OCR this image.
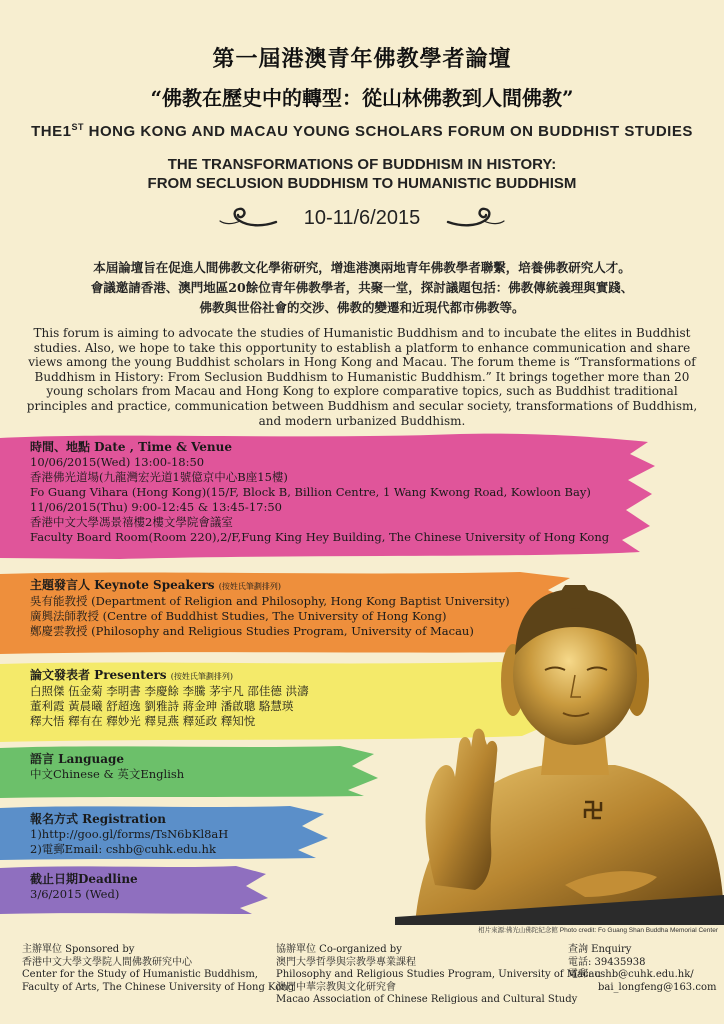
第一屆港澳青年佛教學者論壇
“佛教在歷史中的轉型：從山林佛教到人間佛教”
THE1ST HONG KONG AND MACAU YOUNG SCHOLARS FORUM ON BUDDHIST STUDIES
THE TRANSFORMATIONS OF BUDDHISM IN HISTORY:
FROM SECLUSION BUDDHISM TO HUMANISTIC BUDDHISM
10-11/6/2015
本屆論壇旨在促進人間佛教文化學術研究，增進港澳兩地青年佛教學者聯繫，培養佛教研究人才。
會議邀請香港、澳門地區20餘位青年佛教學者，共聚一堂，探討議題包括：佛教傳統義理與實踐、
佛教與世俗社會的交涉、佛教的變遷和近現代都市佛教等。
This forum is aiming to advocate the studies of Humanistic Buddhism and to incubate the elites in Buddhist studies. Also, we hope to take this opportunity to establish a platform to enhance communication and share views among the young Buddhist scholars in Hong Kong and Macau. The forum theme is “Transformations of Buddhism in History: From Seclusion Buddhism to Humanistic Buddhism.” It brings together more than 20 young scholars from Macau and Hong Kong to explore comparative topics, such as Buddhist traditional principles and practice, communication between Buddhism and secular society, transformations of Buddhism, and modern urbanized Buddhism.
時間、地點 Date , Time & Venue
10/06/2015(Wed) 13:00-18:50
香港佛光道場(九龍灣宏光道1號億京中心B座15樓)
Fo Guang Vihara (Hong Kong)(15/F, Block B, Billion Centre, 1 Wang Kwong Road, Kowloon Bay)
11/06/2015(Thu) 9:00-12:45 & 13:45-17:50
香港中文大學馮景禧樓2樓文學院會議室
Faculty Board Room(Room 220),2/F,Fung King Hey Building, The Chinese University of Hong Kong
主題發言人 Keynote Speakers (按姓氏筆劃排列)
吳有能教授 (Department of Religion and Philosophy, Hong Kong Baptist University)
廣興法師教授 (Centre of Buddhist Studies, The University of Hong Kong)
鄭慶雲教授 (Philosophy and Religious Studies Program, University of Macau)
論文發表者 Presenters (按姓氏筆劃排列)
白照傑 伍金菊 李明書 李慶餘 李騰 茅宇凡 邵佳德 洪濤
董利霞 黃晨曦 舒超逸 劉雅詩 蔣金珅 潘啟聰 駱慧瑛
釋大悟 釋有在 釋妙光 釋見燕 釋延政 釋知悅
語言 Language
中文Chinese & 英文English
報名方式 Registration
1)http://goo.gl/forms/TsN6bKl8aH
2)電郵Email: cshb@cuhk.edu.hk
截止日期Deadline
3/6/2015 (Wed)
相片來源:佛光山佛陀紀念館 Photo credit: Fo Guang Shan Buddha Memorial Center
主辦單位 Sponsored by
香港中文大學文學院人間佛教研究中心
Center for the Study of Humanistic Buddhism,
Faculty of Arts, The Chinese University of Hong Kong
協辦單位 Co-organized by
澳門大學哲學與宗教學專業課程
Philosophy and Religious Studies Program, University of Macau
澳門中華宗教與文化研究會
Macao Association of Chinese Religious and Cultural Study
查詢 Enquiry
電話: 39435938
電郵: cshb@cuhk.edu.hk/
bai_longfeng@163.com
